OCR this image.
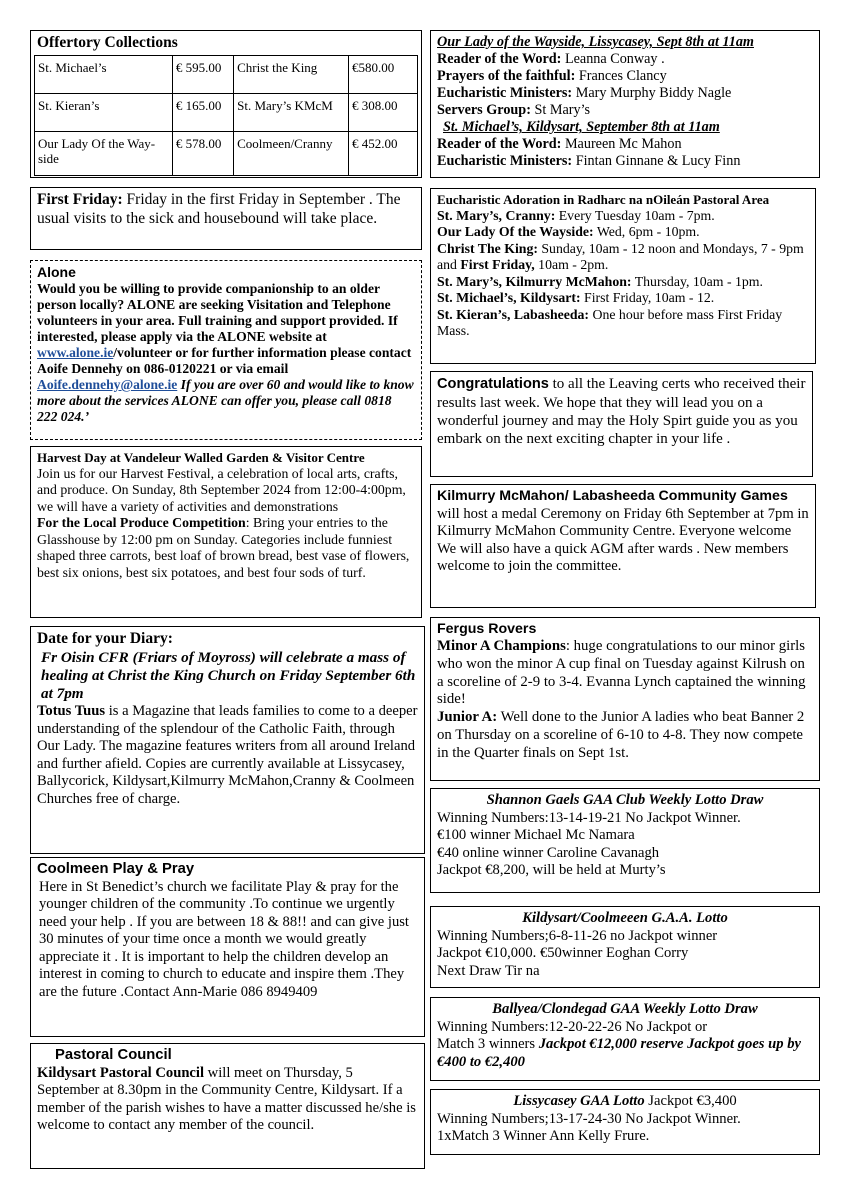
Offertory Collections
St. Michael’s	€ 595.00	Christ the King	€580.00
St. Kieran’s	€ 165.00	St. Mary’s KMcM	€ 308.00
Our Lady Of the Way-side	€ 578.00	Coolmeen/Cranny	€ 452.00
First Friday: Friday in the first Friday in September . The usual visits to the sick and housebound will take place.
Alone
Would you be willing to provide companionship to an older person locally? ALONE are seeking Visitation and Telephone volunteers in your area. Full training and support provided. If interested, please apply via the ALONE website at www.alone.ie/volunteer or for further information please contact Aoife Dennehy on 086-0120221 or via email Aoife.dennehy@alone.ie If you are over 60 and would like to know more about the services ALONE can offer you, please call 0818 222 024.’
Harvest Day at Vandeleur Walled Garden & Visitor Centre

Join us for our Harvest Festival, a celebration of local arts, crafts, and produce. On Sunday, 8th September 2024 from 12:00-4:00pm, we will have a variety of activities and demonstrations

For the Local Produce Competition: Bring your entries to the Glasshouse by 12:00 pm on Sunday. Categories include funniest shaped three carrots, best loaf of brown bread, best vase of flowers, best six onions, best six potatoes, and best four sods of turf.

Date for your Diary:

Fr Oisin CFR (Friars of Moyross) will celebrate a mass of healing at Christ the King Church on Friday September 6th at 7pm

Totus Tuus is a Magazine that leads families to come to a deeper understanding of the splendour of the Catholic Faith, through Our Lady. The magazine features writers from all around Ireland and further afield. Copies are currently available at Lissycasey, Ballycorick, Kildysart,Kilmurry McMahon,Cranny & Coolmeen Churches free of charge.

Coolmeen Play & Pray

Here in St Benedict’s church we facilitate Play & pray for the younger children of the community .To continue we urgently need your help . If you are between 18 & 88!! and can give just 30 minutes of your time once a month we would greatly appreciate it . It is important to help the children develop an interest in coming to church to educate and inspire them .They are the future .Contact Ann-Marie 086 8949409

Pastoral Council

Kildysart Pastoral Council will meet on Thursday, 5 September at 8.30pm in the Community Centre, Kildysart. If a member of the parish wishes to have a matter discussed he/she is welcome to contact any member of the council.

Our Lady of the Wayside, Lissycasey, Sept 8th at 11am

Reader of the Word: Leanna Conway .

Prayers of the faithful: Frances Clancy

Eucharistic Ministers: Mary Murphy Biddy Nagle

Servers Group: St Mary’s

St. Michael’s, Kildysart, September 8th at 11am

Reader of the Word: Maureen Mc Mahon

Eucharistic Ministers: Fintan Ginnane & Lucy Finn

Eucharistic Adoration in Radharc na nOileán Pastoral Area

St. Mary’s, Cranny: Every Tuesday 10am - 7pm.

Our Lady Of the Wayside: Wed, 6pm - 10pm.

Christ The King: Sunday, 10am - 12 noon and Mondays, 7 - 9pm and First Friday, 10am - 2pm.

St. Mary’s, Kilmurry McMahon: Thursday, 10am - 1pm.

St. Michael’s, Kildysart: First Friday, 10am - 12.

St. Kieran’s, Labasheeda: One hour before mass First Friday Mass.

Congratulations to all the Leaving certs who received their results last week. We hope that they will lead you on a wonderful journey and may the Holy Spirt guide you as you embark on the next exciting chapter in your life .
Kilmurry McMahon/ Labasheeda Community Games will host a medal Ceremony on Friday 6th September at 7pm in Kilmurry McMahon Community Centre. Everyone welcome

We will also have a quick AGM after wards . New members welcome to join the committee.

Fergus Rovers

Minor A Champions: huge congratulations to our minor girls who won the minor A cup final on Tuesday against Kilrush on a scoreline of 2-9 to 3-4. Evanna Lynch captained the winning side!

Junior A: Well done to the Junior A ladies who beat Banner 2 on Thursday on a scoreline of 6-10 to 4-8. They now compete in the Quarter finals on Sept 1st.

Shannon Gaels GAA Club Weekly Lotto Draw

Winning Numbers:13-14-19-21 No Jackpot Winner.

€100 winner Michael Mc Namara

€40 online winner Caroline Cavanagh

Jackpot €8,200, will be held at Murty’s

Kildysart/Coolmeeen G.A.A. Lotto

Winning Numbers;6-8-11-26 no Jackpot winner

Jackpot €10,000. €50winner Eoghan Corry

Next Draw Tir na

Ballyea/Clondegad GAA Weekly Lotto Draw

Winning Numbers:12-20-22-26 No Jackpot or

Match 3 winners Jackpot €12,000 reserve Jackpot goes up by €400 to €2,400

Lissycasey GAA Lotto Jackpot €3,400

Winning Numbers;13-17-24-30 No Jackpot Winner.

1xMatch 3 Winner Ann Kelly Frure.
